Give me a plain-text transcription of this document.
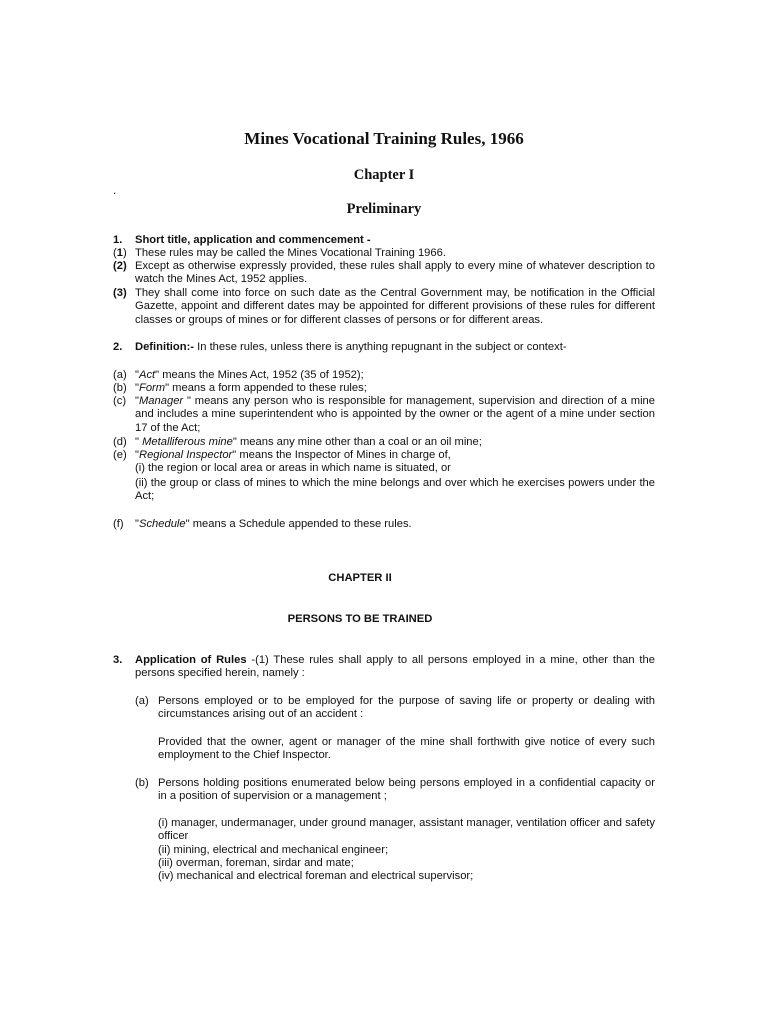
Mines Vocational Training Rules, 1966
Chapter I
.
Preliminary
1. Short title, application and commencement -
(1) These rules may be called the Mines Vocational Training 1966.
(2) Except as otherwise expressly provided, these rules shall apply to every mine of whatever description to watch the Mines Act, 1952 applies.
(3) They shall come into force on such date as the Central Government may, be notification in the Official Gazette, appoint and different dates may be appointed for different provisions of these rules for different classes or groups of mines or for different classes of persons or for different areas.
2. Definition:- In these rules, unless there is anything repugnant in the subject or context-
(a) "Act" means the Mines Act, 1952 (35 of 1952);
(b) "Form" means a form appended to these rules;
(c) "Manager " means any person who is responsible for management, supervision and direction of a mine and includes a mine superintendent who is appointed by the owner or the agent of a mine under section 17 of the Act;
(d) " Metalliferous mine" means any mine other than a coal or an oil mine;
(e) "Regional Inspector" means the Inspector of Mines in charge of,
(i) the region or local area or areas in which name is situated, or
(ii) the group or class of mines to which the mine belongs and over which he exercises powers under the Act;
(f) "Schedule" means a Schedule appended to these rules.
CHAPTER II
PERSONS TO BE TRAINED
3. Application of Rules -(1) These rules shall apply to all persons employed in a mine, other than the persons specified herein, namely :
(a) Persons employed or to be employed for the purpose of saving life or property or dealing with circumstances arising out of an accident :
Provided that the owner, agent or manager of the mine shall forthwith give notice of every such employment to the Chief Inspector.
(b) Persons holding positions enumerated below being persons employed in a confidential capacity or in a position of supervision or a management ;
(i) manager, undermanager, under ground manager, assistant manager, ventilation officer and safety officer
(ii) mining, electrical and mechanical engineer;
(iii) overman, foreman, sirdar and mate;
(iv) mechanical and electrical foreman and electrical supervisor;
